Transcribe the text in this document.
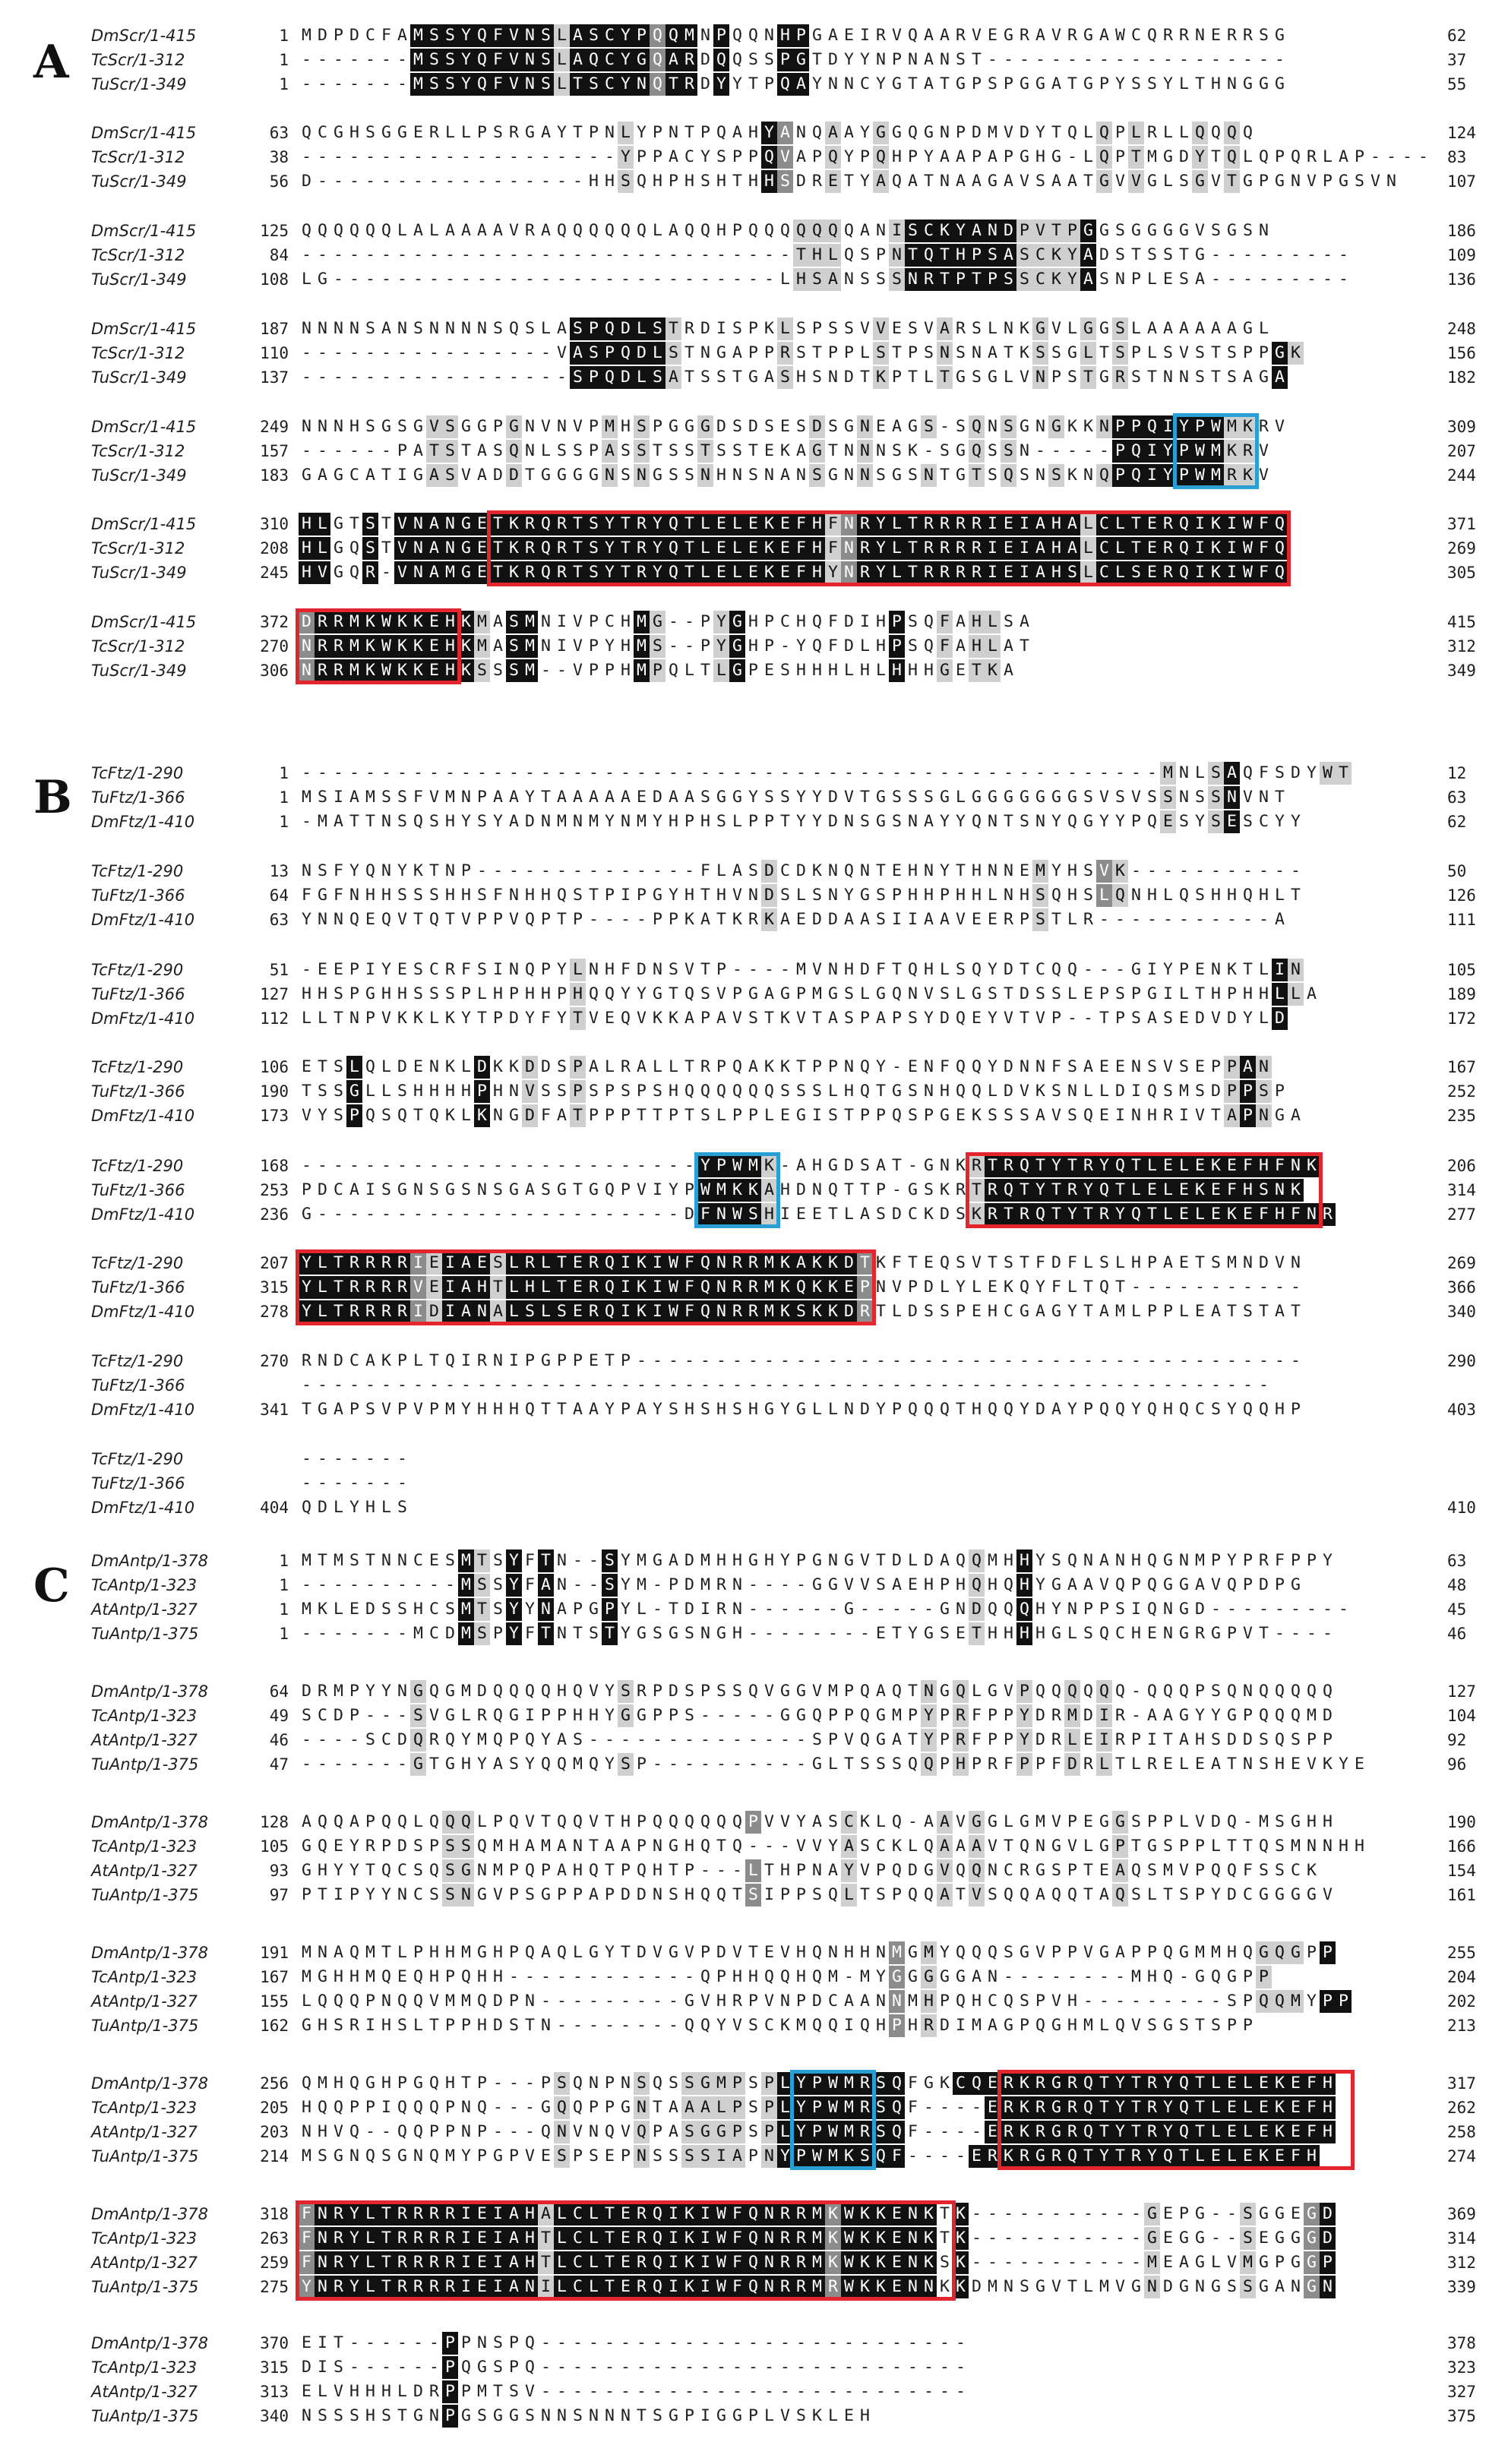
A DmScr/1-415	1 M D P D C F A M S S Y Q F V N S L A S C Y P Q Q M N P Q Q N H P G A E I R V Q A A R V E G R A V R G A W C Q R R N E R R S G	62
TcScr/1-312	1 - - - - - - - M S S Y Q F V N S L A Q C Y G Q A R D Q Q S S P G T D Y Y N P N A N S T - - - - - - - - - - - - - - - - - - -	37
TuScr/1-349	1 - - - - - - - M S S Y Q F V N S L T S C Y N Q T R D Y Y T P Q A Y N N C Y G T A T G P S P G G A T G P Y S S Y L T H N G G G	55
DmScr/1-415	63 Q C G H S G G E R L L P S R G A Y T P N L Y P N T P Q A H Y A N Q A A Y G G Q G N P D M V D Y T Q L Q P L R L L Q Q Q Q	124
TcScr/1-312	38 - - - - - - - - - - - - - - - - - - - - Y P P A C Y S P P Q V A P Q Y P Q H P Y A A P A P G H G - L Q P T M G D Y T Q L Q P Q R L A P - - - - 83
TuScr/1-349	56 D - - - - - - - - - - - - - - - - - H H S Q H P H S H T H H S D R E T Y A Q A T N A A G A V S A A T G V V G L S G V T G P G N V P G S V N	107
DmScr/1-415	125 Q Q Q Q Q Q L A L A A A A V R A Q Q Q Q Q Q L A Q Q H P Q Q Q Q Q Q Q A N I S C K Y A N D P V T P G G S G G G G V S G S N	186
TcScr/1-312	84 - - - - - - - - - - - - - - - - - - - - - - - - - - - - - - - T H L Q S P N T Q T H P S A S C K Y A D S T S S T G - - - - - - - - -	109
TuScr/1-349	108 L G - - - - - - - - - - - - - - - - - - - - - - - - - - - - L H S A N S S S N R T P T P S S C K Y A S N P L E S A - - - - - - - - -	136
DmScr/1-415	187 N N N N S A N S N N N N S Q S L A S P Q D L S T R D I S P K L S P S S V V E S V A R S L N K G V L G G S L A A A A A A G L	248
TcScr/1-312	110 - - - - - - - - - - - - - - - - V A S P Q D L S T N G A P P R S T P P L S T P S N S N A T K S S G L T S P L S V S T S P P G K	156
TuScr/1-349	137 - - - - - - - - - - - - - - - - - S P Q D L S A T S S T G A S H S N D T K P T L T G S G L V N P S T G R S T N N S T S A G A	182
DmScr/1-415	249 N N N H S G S G V S G G P G N V N V P M H S P G G G D S D S E S D S G N E A G S - S Q N S G N G K K N P P Q I Y P W M K R V	309
TcScr/1-312	157 - - - - - - P A T S T A S Q N L S S P A S S T S S T S S T E K A G T N N N S K - S G Q S S N - - - - - P Q I Y P W M K R V	207
TuScr/1-349	183 G A G C A T I G A S V A D D T G G G G N S N G S S N H N S N A N S G N N S G S N T G T S Q S N S K N Q P Q I Y P W M R K V	244
DmScr/1-415	310 H L G T S T V N A N G E T K R Q R T S Y T R Y Q T L E L E K E F H F N R Y L T R R R R I E I A H A L C L T E R Q I K I W F Q	371
TcScr/1-312	208 H L G Q S T V N A N G E T K R Q R T S Y T R Y Q T L E L E K E F H F N R Y L T R R R R I E I A H A L C L T E R Q I K I W F Q	269
TuScr/1-349	245 H V G Q R - V N A M G E T K R Q R T S Y T R Y Q T L E L E K E F H Y N R Y L T R R R R I E I A H S L C L S E R Q I K I W F Q	305
DmScr/1-415	372 D R R M K W K K E H K M A S M N I V P C H M G - - P Y G H P C H Q F D I H P S Q F A H L S A	415
TcScr/1-312	270 N R R M K W K K E H K M A S M N I V P Y H M S - - P Y G H P - Y Q F D L H P S Q F A H L A T	312
TuScr/1-349	306 N R R M K W K K E H K S S S M - - V P P H M P Q L T L G P E S H H H L H L H H H G E T K A	349
B TcFtz/1-290	1 - - - - - - - - - - - - - - - - - - - - - - - - - - - - - - - - - - - - - - - - - - - - - - - - - - - - - - M N L S A Q F S D Y W T	12
TuFtz/1-366	1 M S I A M S S F V M N P A A Y T A A A A A E D A A S G G Y S S Y Y D V T G S S S G L G G G G G G G S V S V S S N S S N V N T	63
DmFtz/1-410	1 - M A T T N S Q S H Y S Y A D N M N M Y N M Y H P H S L P P T Y Y D N S G S N A Y Y Q N T S N Y Q G Y Y P Q E S Y S E S C Y Y	62
TcFtz/1-290	13 N S F Y Q N Y K T N P - - - - - - - - - - - - - - F L A S D C D K N Q N T E H N Y T H N N E M Y H S V K - - - - - - - - - - -	50
TuFtz/1-366	64 F G F N H H S S S H H S F N H H Q S T P I P G Y H T H V N D S L S N Y G S P H H P H H L N H S Q H S L Q N H L Q S H H Q H L T	126
DmFtz/1-410	63 Y N N Q E Q V T Q T V P P V Q P T P - - - - P P K A T K R K A E D D A A S I I A A V E E R P S T L R - - - - - - - - - - - A	111
TcFtz/1-290	51 - E E P I Y E S C R F S I N Q P Y L N H F D N S V T P - - - - M V N H D F T Q H L S Q Y D T C Q Q - - - G I Y P E N K T L I N	105
TuFtz/1-366	127 H H S P G H H S S S P L H P H H P H Q Q Y Y G T Q S V P G A G P M G S L G Q N V S L G S T D S S L E P S P G I L T H P H H L L A	189
DmFtz/1-410	112 L L T N P V K K L K Y T P D Y F Y T V E Q V K K A P A V S T K V T A S P A P S Y D Q E Y V T V P - - T P S A S E D V D Y L D	172
TcFtz/1-290	106 E T S L Q L D E N K L D K K D D S P A L R A L L T R P Q A K K T P P N Q Y - E N F Q Q Y D N N F S A E E N S V S E P P A N	167
TuFtz/1-366	190 T S S G L L S H H H H P H N V S S P S P S P S H Q Q Q Q Q Q S S S L H Q T G S N H Q Q L D V K S N L L D I Q S M S D P P S P	252
DmFtz/1-410	173 V Y S P Q S Q T Q K L K N G D F A T P P P T T P T S L P P L E G I S T P P Q S P G E K S S S A V S Q E I N H R I V T A P N G A	235
TcFtz/1-290	168 - - - - - - - - - - - - - - - - - - - - - - - - - Y P W M K - A H G D S A T - G N K R T R Q T Y T R Y Q T L E L E K E F H F N K	206
TuFtz/1-366	253 P D C A I S G N S G S N S G A S G T G Q P V I Y P W M K K A H D N Q T T P - G S K R T R Q T Y T R Y Q T L E L E K E F H S N K	314
DmFtz/1-410	236 G - - - - - - - - - - - - - - - - - - - - - - - D F N W S H I E E T L A S D C K D S K R T R Q T Y T R Y Q T L E L E K E F H F N R	277
TcFtz/1-290	207 Y L T R R R R I E I A E S L R L T E R Q I K I W F Q N R R M K A K K D T K F T E Q S V T S T F D F L S L H P A E T S M N D V N	269
TuFtz/1-366	315 Y L T R R R R V E I A H T L H L T E R Q I K I W F Q N R R M K Q K K E P N V P D L Y L E K Q Y F L T Q T - - - - - - - - - - -	366
DmFtz/1-410	278 Y L T R R R R I D I A N A L S L S E R Q I K I W F Q N R R M K S K K D R T L D S S P E H C G A G Y T A M L P P L E A T S T A T	340
TcFtz/1-290	270 R N D C A K P L T Q I R N I P G P P E T P - - - - - - - - - - - - - - - - - - - - - - - - - - - - - - - - - - - - - - - - - -	290
TuFtz/1-366	- - - - - - - - - - - - - - - - - - - - - - - - - - - - - - - - - - - - - - - - - - - - - - - - - - - - - - - - - - - - -
DmFtz/1-410	341 T G A P S V P V P M Y H H H Q T T A A Y P A Y S H S H S H G Y G L L N D Y P Q Q Q T H Q Q Y D A Y P Q Q Y Q H Q C S Y Q Q H P	403
TcFtz/1-290	- - - - - - -
TuFtz/1-366	- - - - - - -
DmFtz/1-410	404 Q D L Y H L S	410
C DmAntp/1-378	1 M T M S T N N C E S M T S Y F T N - - S Y M G A D M H H G H Y P G N G V T D L D A Q Q M H H Y S Q N A N H Q G N M P Y P R F P P Y	63
TcAntp/1-323	1 - - - - - - - - - - M S S Y F A N - - S Y M - P D M R N - - - - G G V V S A E H P H Q H Q H Y G A A V Q P Q G G A V Q P D P G	48
AtAntp/1-327	1 M K L E D S S H C S M T S Y Y N A P G P Y L - T D I R N - - - - - - G - - - - - G N D Q Q Q H Y N P P S I Q N G D - - - - - - - - -	45
TuAntp/1-375	1 - - - - - - - M C D M S P Y F T N T S T Y G S G S N G H - - - - - - - - E T Y G S E T H H H H G L S Q C H E N G R G P V T - - - -	46
DmAntp/1-378	64 D R M P Y Y N G Q G M D Q Q Q Q H Q V Y S R P D S P S S Q V G G V M P Q A Q T N G Q L G V P Q Q Q Q Q Q - Q Q Q P S Q N Q Q Q Q Q	127
TcAntp/1-323	49 S C D P - - - S V G L R Q G I P P H H Y G G P P S - - - - - G G Q P P Q G M P Y P R F P P Y D R M D I R - A A G Y Y G P Q Q Q M D	104
AtAntp/1-327	46 - - - - S C D Q R Q Y M Q P Q Y A S - - - - - - - - - - - - - - S P V Q G A T Y P R F P P Y D R L E I R P I T A H S D D S Q S P P	92
TuAntp/1-375	47 - - - - - - - G T G H Y A S Y Q Q M Q Y S P - - - - - - - - - - G L T S S S Q Q P H P R F P P F D R L T L R E L E A T N S H E V K Y E	96
DmAntp/1-378	128 A Q Q A P Q Q L Q Q Q L P Q V T Q Q V T H P Q Q Q Q Q Q P V V Y A S C K L Q - A A V G G L G M V P E G G S P P L V D Q - M S G H H	190
TcAntp/1-323	105 G Q E Y R P D S P S S Q M H A M A N T A A P N G H Q T Q - - - V V Y A S C K L Q A A A V T Q N G V L G P T G S P P L T T Q S M N N H H	166
AtAntp/1-327	93 G H Y Y T Q C S Q S G N M P Q P A H Q T P Q H T P - - - L T H P N A Y V P Q D G V Q Q N C R G S P T E A Q S M V P Q Q F S S C K	154
TuAntp/1-375	97 P T I P Y Y N C S S N G V P S G P P A P D D N S H Q Q T S I P P S Q L T S P Q Q A T V S Q Q A Q Q T A Q S L T S P Y D C G G G G V	161
DmAntp/1-378	191 M N A Q M T L P H H M G H P Q A Q L G Y T D V G V P D V T E V H Q N H H N M G M Y Q Q Q S G V P P V G A P P Q G M M H Q G Q G P P	255
TcAntp/1-323	167 M G H H M Q E Q H P Q H H - - - - - - - - - - - - Q P H H Q Q H Q M - M Y G G G G G A N - - - - - - - - M H Q - G Q G P P	204
AtAntp/1-327	155 L Q Q Q P N Q Q V M M Q D P N - - - - - - - - - G V H R P V N P D C A A N N M H P Q H C Q S P V H - - - - - - - - - S P Q Q M Y P P	202
TuAntp/1-375	162 G H S R I H S L T P P H D S T N - - - - - - - - Q Q Y V S C K M Q Q I Q H P H R D I M A G P Q G H M L Q V S G S T S P P	213
DmAntp/1-378	256 Q M H Q G H P G Q H T P - - - P S Q N P N S Q S S G M P S P L Y P W M R S Q F G K C Q E R K R G R Q T Y T R Y Q T L E L E K E F H	317
TcAntp/1-323	205 H Q Q P P I Q Q Q P N Q - - - G Q Q P P G N T A A A L P S P L Y P W M R S Q F - - - - E R K R G R Q T Y T R Y Q T L E L E K E F H	262
AtAntp/1-327	203 N H V Q - - Q Q P P N P - - - Q N V N Q V Q P A S G G P S P L Y P W M R S Q F - - - - E R K R G R Q T Y T R Y Q T L E L E K E F H	258
TuAntp/1-375	214 M S G N Q S G N Q M Y P G P V E S P S E P N S S S S I A P N Y P W M K S Q F - - - - E R K R G R Q T Y T R Y Q T L E L E K E F H	274
DmAntp/1-378	318 F N R Y L T R R R R I E I A H A L C L T E R Q I K I W F Q N R R M K W K K E N K T K - - - - - - - - - - - G E P G - - S G G E G D	369
TcAntp/1-323	263 F N R Y L T R R R R I E I A H T L C L T E R Q I K I W F Q N R R M K W K K E N K T K - - - - - - - - - - - G E G G - - S E G G G D	314
AtAntp/1-327	259 F N R Y L T R R R R I E I A H T L C L T E R Q I K I W F Q N R R M K W K K E N K S K - - - - - - - - - - - M E A G L V M G P G G P	312
TuAntp/1-375	275 Y N R Y L T R R R R I E I A N I L C L T E R Q I K I W F Q N R R M R W K K E N N K K D M N S G V T L M V G N D G N G S S G A N G N	339
DmAntp/1-378	370 E I T - - - - - - P P N S P Q - - - - - - - - - - - - - - - - - - - - - - - - - - -	378
TcAntp/1-323	315 D I S - - - - - - P Q G S P Q - - - - - - - - - - - - - - - - - - - - - - - - - - -	323
AtAntp/1-327	313 E L V H H H L D R P P M T S V - - - - - - - - - - - - - - - - - - - - - - - - - - -	327
TuAntp/1-375	340 N S S S H S T G N P G S G G S N N S N N N T S G P I G G P L V S K L E H	375
